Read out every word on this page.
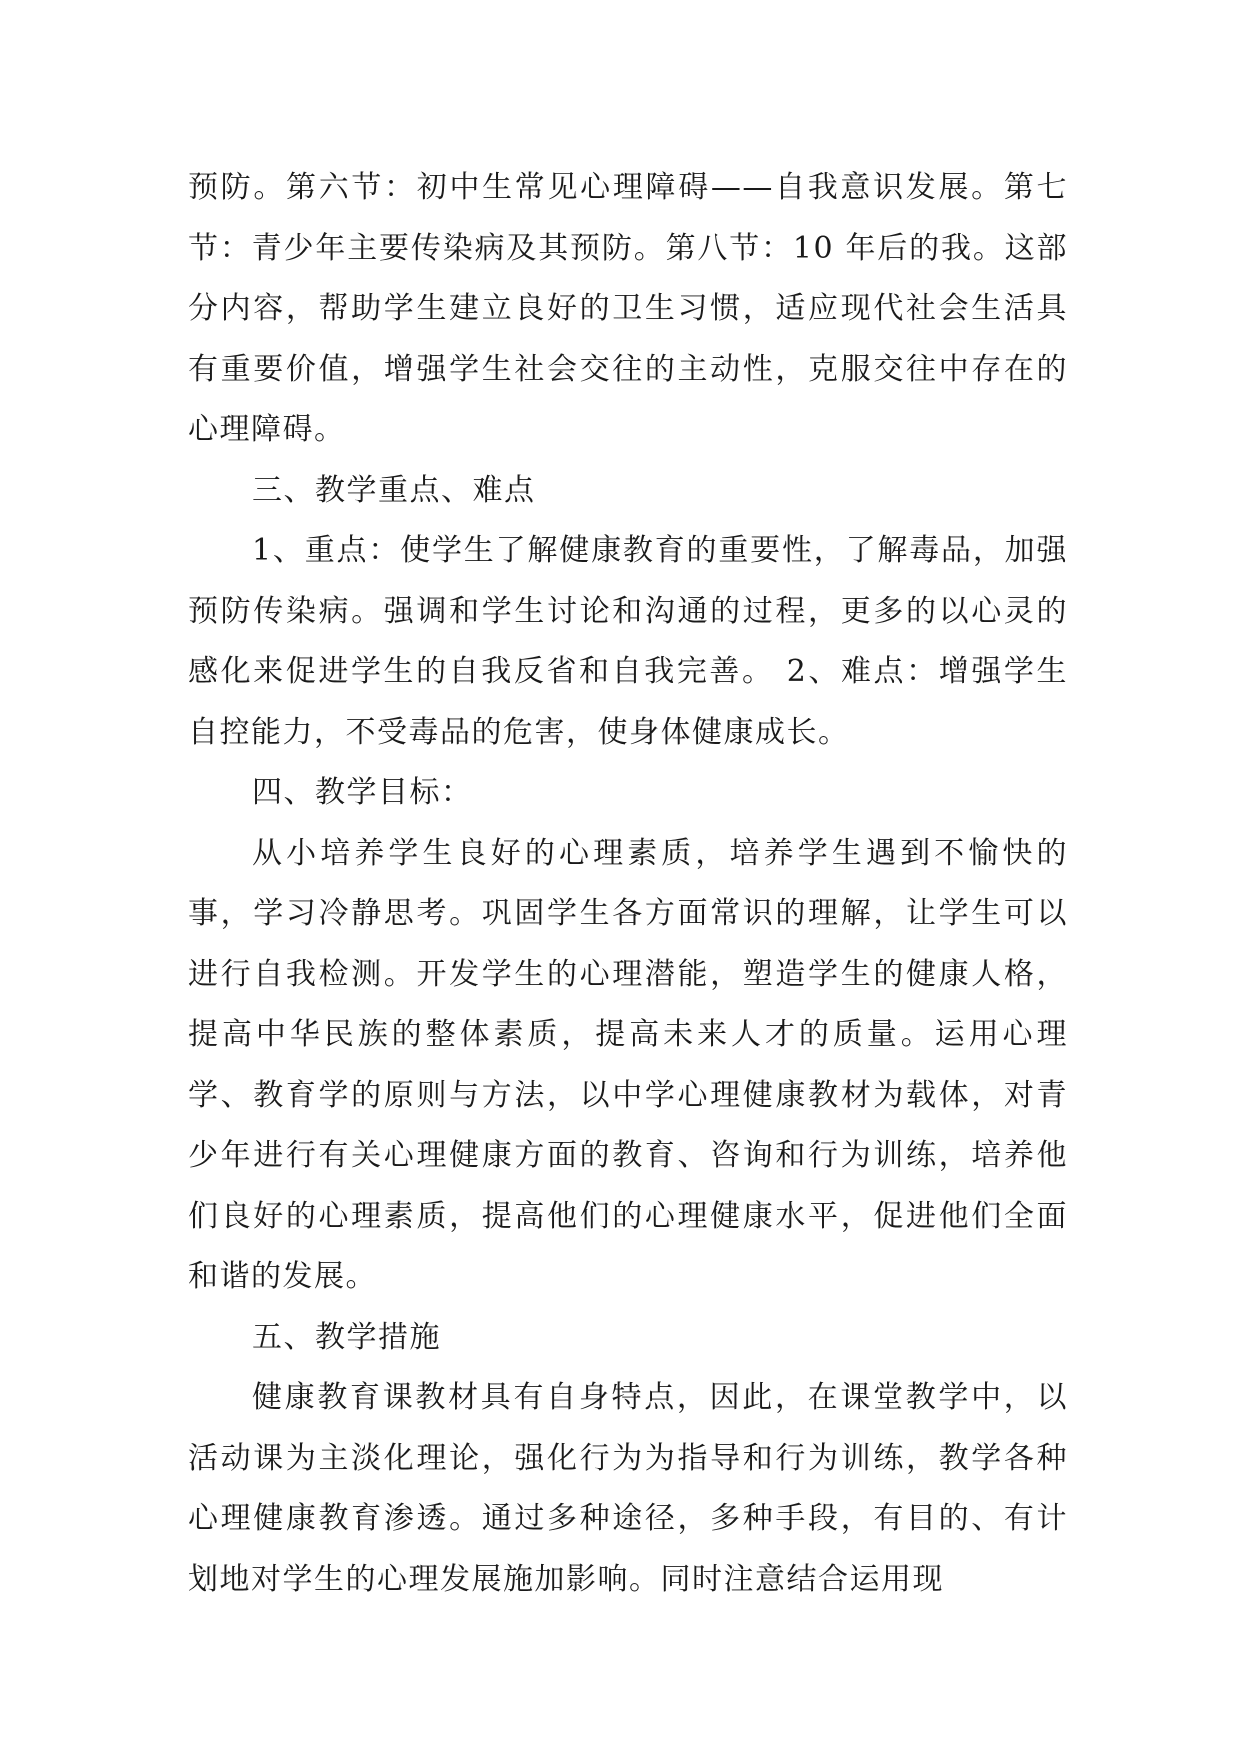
预防。第六节：初中生常见心理障碍——自我意识发展。第七节：青少年主要传染病及其预防。第八节：10 年后的我。这部分内容，帮助学生建立良好的卫生习惯，适应现代社会生活具有重要价值，增强学生社会交往的主动性，克服交往中存在的心理障碍。

三、教学重点、难点

1、重点：使学生了解健康教育的重要性，了解毒品，加强预防传染病。强调和学生讨论和沟通的过程，更多的以心灵的感化来促进学生的自我反省和自我完善。 2、难点：增强学生自控能力，不受毒品的危害，使身体健康成长。

四、教学目标：

从小培养学生良好的心理素质，培养学生遇到不愉快的事，学习冷静思考。巩固学生各方面常识的理解，让学生可以进行自我检测。开发学生的心理潜能，塑造学生的健康人格，提高中华民族的整体素质，提高未来人才的质量。运用心理学、教育学的原则与方法，以中学心理健康教材为载体，对青少年进行有关心理健康方面的教育、咨询和行为训练，培养他们良好的心理素质，提高他们的心理健康水平，促进他们全面和谐的发展。

五、教学措施

健康教育课教材具有自身特点，因此，在课堂教学中，以活动课为主淡化理论，强化行为为指导和行为训练，教学各种心理健康教育渗透。通过多种途径，多种手段，有目的、有计划地对学生的心理发展施加影响。同时注意结合运用现
